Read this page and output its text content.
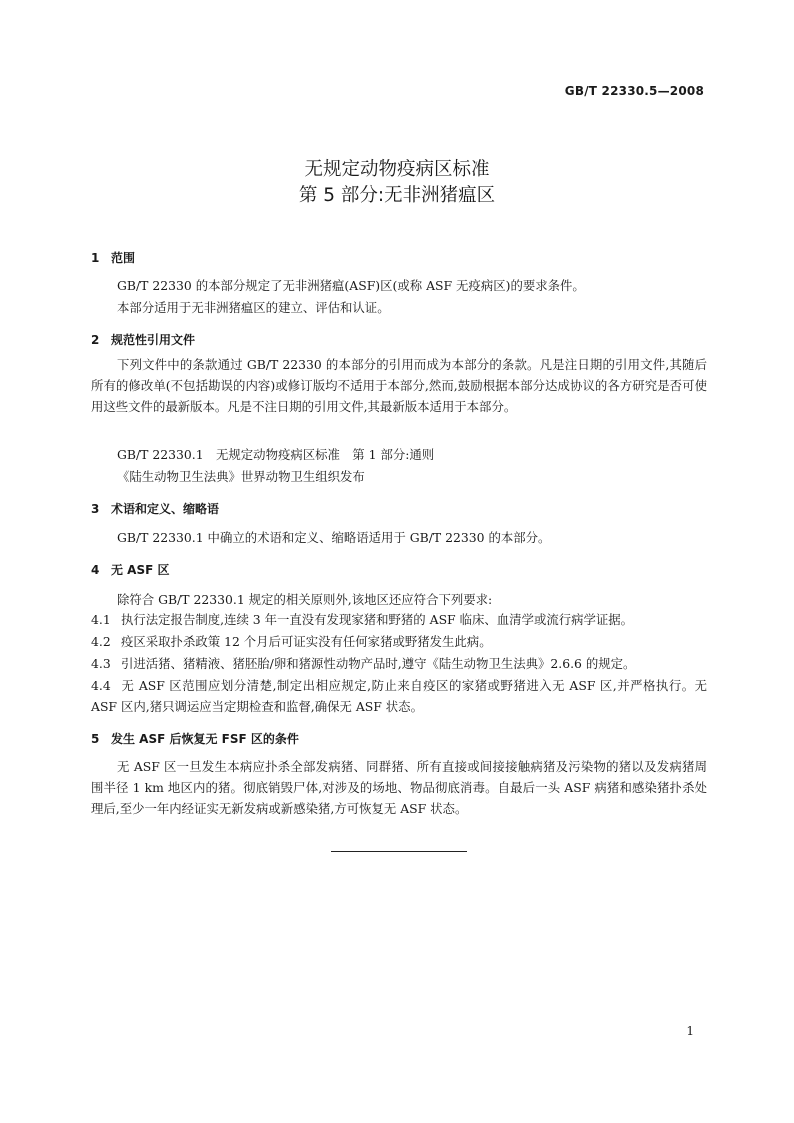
GB/T 22330.5—2008
无规定动物疫病区标准
第 5 部分:无非洲猪瘟区
1 范围
GB/T 22330 的本部分规定了无非洲猪瘟(ASF)区(或称 ASF 无疫病区)的要求条件。
本部分适用于无非洲猪瘟区的建立、评估和认证。
2 规范性引用文件
下列文件中的条款通过 GB/T 22330 的本部分的引用而成为本部分的条款。凡是注日期的引用文件,其随后所有的修改单(不包括勘误的内容)或修订版均不适用于本部分,然而,鼓励根据本部分达成协议的各方研究是否可使用这些文件的最新版本。凡是不注日期的引用文件,其最新版本适用于本部分。
GB/T 22330.1　无规定动物疫病区标准　第 1 部分:通则
《陆生动物卫生法典》世界动物卫生组织发布
3 术语和定义、缩略语
GB/T 22330.1 中确立的术语和定义、缩略语适用于 GB/T 22330 的本部分。
4 无 ASF 区
除符合 GB/T 22330.1 规定的相关原则外,该地区还应符合下列要求:
4.1 执行法定报告制度,连续 3 年一直没有发现家猪和野猪的 ASF 临床、血清学或流行病学证据。
4.2 疫区采取扑杀政策 12 个月后可证实没有任何家猪或野猪发生此病。
4.3 引进活猪、猪精液、猪胚胎/卵和猪源性动物产品时,遵守《陆生动物卫生法典》2.6.6 的规定。
4.4 无 ASF 区范围应划分清楚,制定出相应规定,防止来自疫区的家猪或野猪进入无 ASF 区,并严格执行。无 ASF 区内,猪只调运应当定期检查和监督,确保无 ASF 状态。
5 发生 ASF 后恢复无 FSF 区的条件
无 ASF 区一旦发生本病应扑杀全部发病猪、同群猪、所有直接或间接接触病猪及污染物的猪以及发病猪周围半径 1 km 地区内的猪。彻底销毁尸体,对涉及的场地、物品彻底消毒。自最后一头 ASF 病猪和感染猪扑杀处理后,至少一年内经证实无新发病或新感染猪,方可恢复无 ASF 状态。
1
